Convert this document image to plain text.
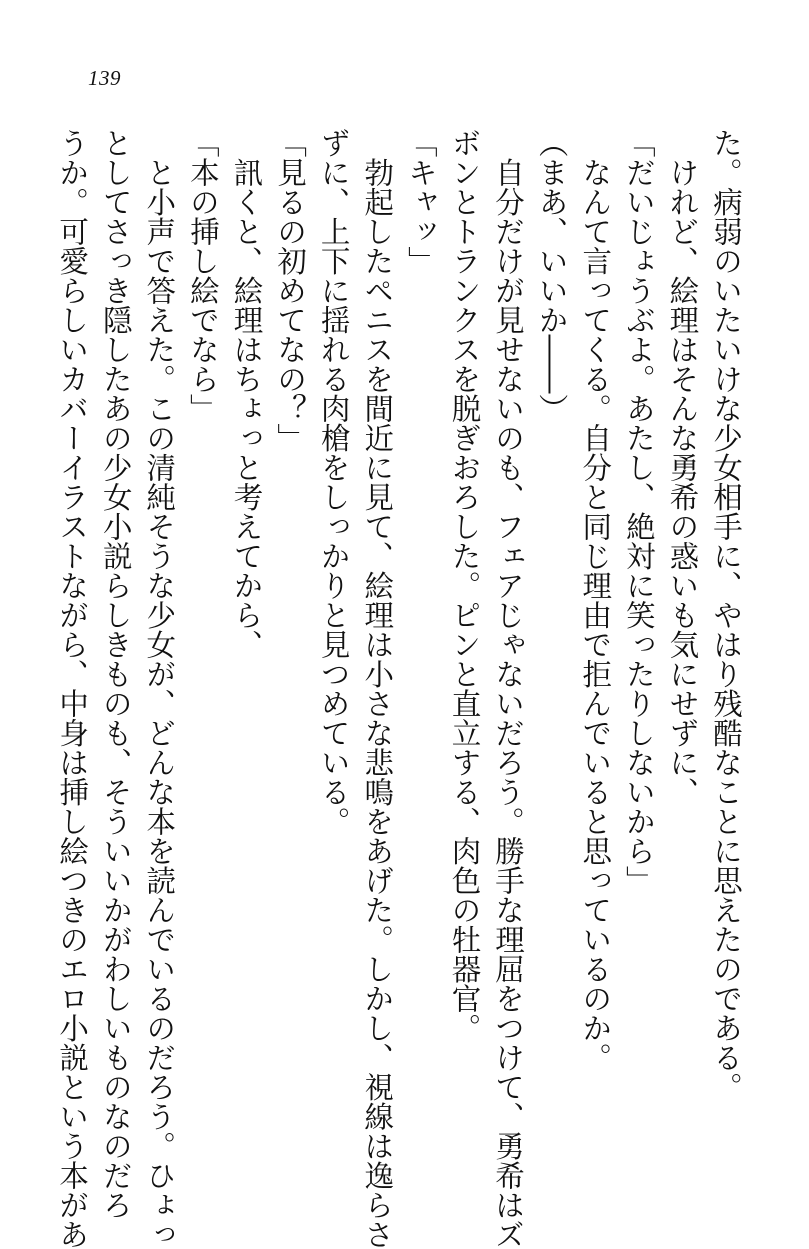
139

た。病弱のいたいけな少女相手に、やはり残酷なことに思えたのである。

　けれど、絵理はそんな勇希の惑いも気にせずに、

「だいじょうぶよ。あたし、絶対に笑ったりしないから」

　なんて言ってくる。自分と同じ理由で拒んでいると思っているのか。

（まあ、いいか――）

　自分だけが見せないのも、フェアじゃないだろう。勝手な理屈をつけて、勇希はズ

ボンとトランクスを脱ぎおろした。ピンと直立する、肉色の牡器官。

「キャッ」

　勃起したペニスを間近に見て、絵理は小さな悲鳴をあげた。しかし、視線は逸らさ

ずに、上下に揺れる肉槍をしっかりと見つめている。

「見るの初めてなの？」

　訊くと、絵理はちょっと考えてから、

「本の挿し絵でなら」

　と小声で答えた。この清純そうな少女が、どんな本を読んでいるのだろう。ひょっ

としてさっき隠したあの少女小説らしきものも、そういいかがわしいものなのだろ

うか。可愛らしいカバーイラストながら、中身は挿し絵つきのエロ小説という本があ
